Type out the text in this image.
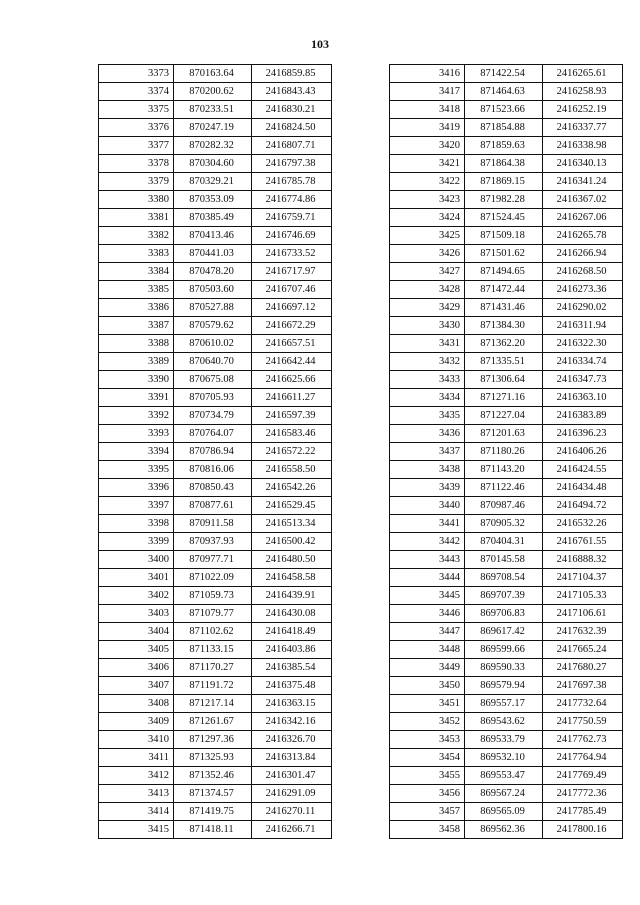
103
3373	870163.64	2416859.85
3374	870200.62	2416843.43
3375	870233.51	2416830.21
3376	870247.19	2416824.50
3377	870282.32	2416807.71
3378	870304.60	2416797.38
3379	870329.21	2416785.78
3380	870353.09	2416774.86
3381	870385.49	2416759.71
3382	870413.46	2416746.69
3383	870441.03	2416733.52
3384	870478.20	2416717.97
3385	870503.60	2416707.46
3386	870527.88	2416697.12
3387	870579.62	2416672.29
3388	870610.02	2416657.51
3389	870640.70	2416642.44
3390	870675.08	2416625.66
3391	870705.93	2416611.27
3392	870734.79	2416597.39
3393	870764.07	2416583.46
3394	870786.94	2416572.22
3395	870816.06	2416558.50
3396	870850.43	2416542.26
3397	870877.61	2416529.45
3398	870911.58	2416513.34
3399	870937.93	2416500.42
3400	870977.71	2416480.50
3401	871022.09	2416458.58
3402	871059.73	2416439.91
3403	871079.77	2416430.08
3404	871102.62	2416418.49
3405	871133.15	2416403.86
3406	871170.27	2416385.54
3407	871191.72	2416375.48
3408	871217.14	2416363.15
3409	871261.67	2416342.16
3410	871297.36	2416326.70
3411	871325.93	2416313.84
3412	871352.46	2416301.47
3413	871374.57	2416291.09
3414	871419.75	2416270.11
3415	871418.11	2416266.71
3416	871422.54	2416265.61
3417	871464.63	2416258.93
3418	871523.66	2416252.19
3419	871854.88	2416337.77
3420	871859.63	2416338.98
3421	871864.38	2416340.13
3422	871869.15	2416341.24
3423	871982.28	2416367.02
3424	871524.45	2416267.06
3425	871509.18	2416265.78
3426	871501.62	2416266.94
3427	871494.65	2416268.50
3428	871472.44	2416273.36
3429	871431.46	2416290.02
3430	871384.30	2416311.94
3431	871362.20	2416322.30
3432	871335.51	2416334.74
3433	871306.64	2416347.73
3434	871271.16	2416363.10
3435	871227.04	2416383.89
3436	871201.63	2416396.23
3437	871180.26	2416406.26
3438	871143.20	2416424.55
3439	871122.46	2416434.48
3440	870987.46	2416494.72
3441	870905.32	2416532.26
3442	870404.31	2416761.55
3443	870145.58	2416888.32
3444	869708.54	2417104.37
3445	869707.39	2417105.33
3446	869706.83	2417106.61
3447	869617.42	2417632.39
3448	869599.66	2417665.24
3449	869590.33	2417680.27
3450	869579.94	2417697.38
3451	869557.17	2417732.64
3452	869543.62	2417750.59
3453	869533.79	2417762.73
3454	869532.10	2417764.94
3455	869553.47	2417769.49
3456	869567.24	2417772.36
3457	869565.09	2417785.49
3458	869562.36	2417800.16
